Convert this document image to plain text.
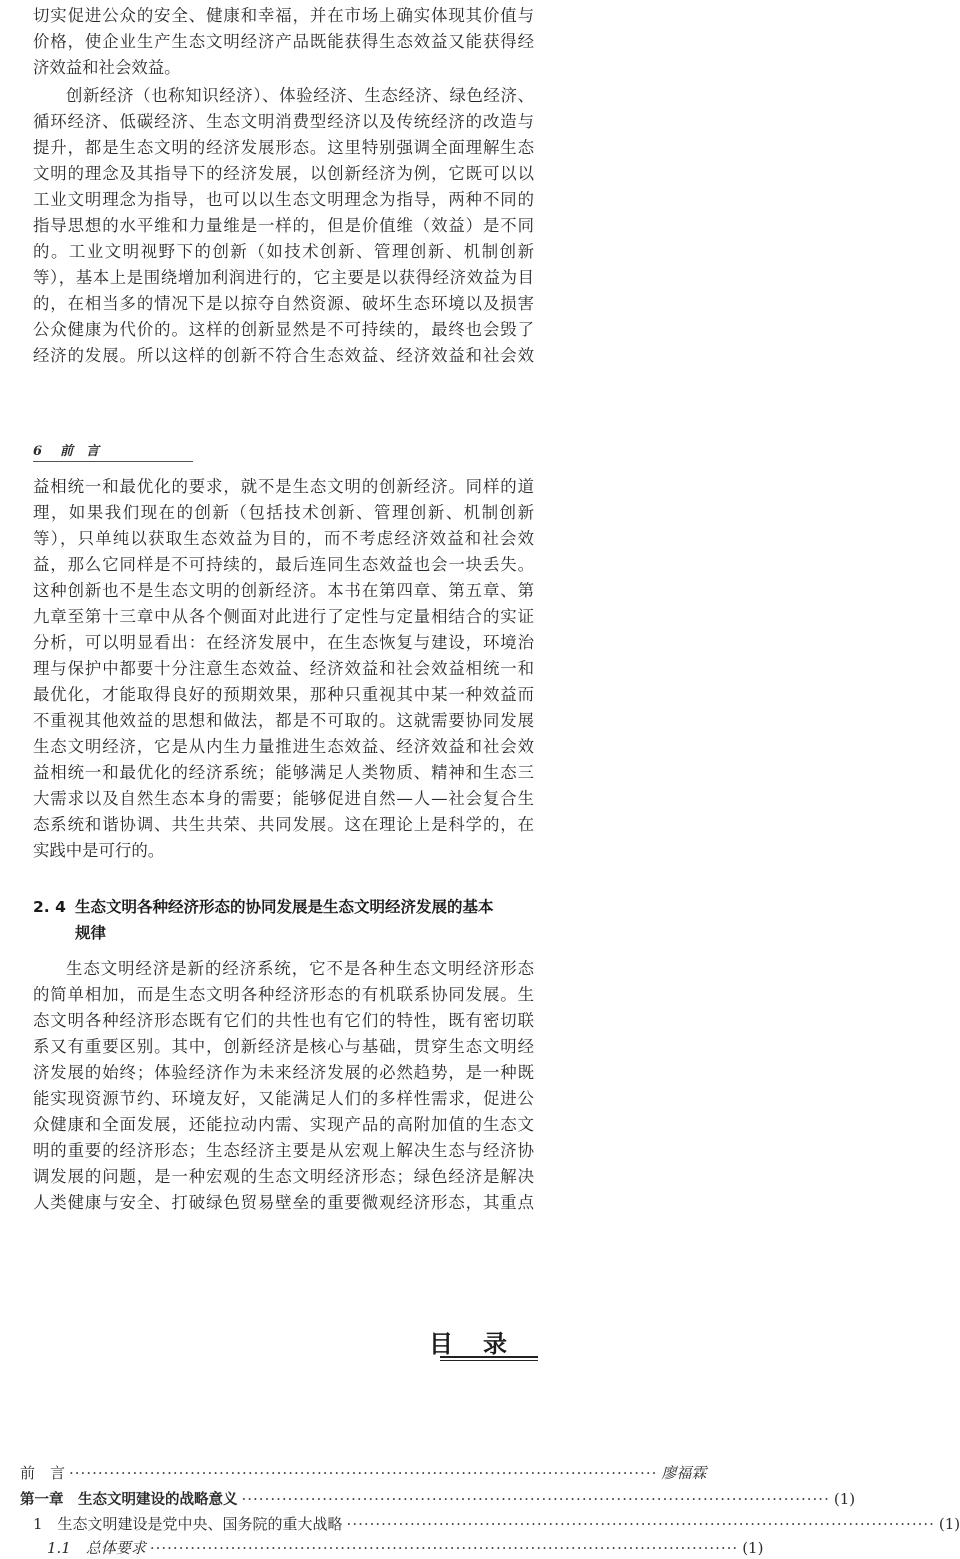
切实促进公众的安全、健康和幸福，并在市场上确实体现其价值与
价格，使企业生产生态文明经济产品既能获得生态效益又能获得经
济效益和社会效益。
创新经济（也称知识经济）、体验经济、生态经济、绿色经济、
循环经济、低碳经济、生态文明消费型经济以及传统经济的改造与
提升，都是生态文明的经济发展形态。这里特别强调全面理解生态
文明的理念及其指导下的经济发展，以创新经济为例，它既可以以
工业文明理念为指导，也可以以生态文明理念为指导，两种不同的
指导思想的水平维和力量维是一样的，但是价值维（效益）是不同
的。工业文明视野下的创新（如技术创新、管理创新、机制创新
等），基本上是围绕增加利润进行的，它主要是以获得经济效益为目
的，在相当多的情况下是以掠夺自然资源、破坏生态环境以及损害
公众健康为代价的。这样的创新显然是不可持续的，最终也会毁了
经济的发展。所以这样的创新不符合生态效益、经济效益和社会效
6 前　言
益相统一和最优化的要求，就不是生态文明的创新经济。同样的道
理，如果我们现在的创新（包括技术创新、管理创新、机制创新
等），只单纯以获取生态效益为目的，而不考虑经济效益和社会效
益，那么它同样是不可持续的，最后连同生态效益也会一块丢失。
这种创新也不是生态文明的创新经济。本书在第四章、第五章、第
九章至第十三章中从各个侧面对此进行了定性与定量相结合的实证
分析，可以明显看出：在经济发展中，在生态恢复与建设，环境治
理与保护中都要十分注意生态效益、经济效益和社会效益相统一和
最优化，才能取得良好的预期效果，那种只重视其中某一种效益而
不重视其他效益的思想和做法，都是不可取的。这就需要协同发展
生态文明经济，它是从内生力量推进生态效益、经济效益和社会效
益相统一和最优化的经济系统；能够满足人类物质、精神和生态三
大需求以及自然生态本身的需要；能够促进自然—人—社会复合生
态系统和谐协调、共生共荣、共同发展。这在理论上是科学的，在
实践中是可行的。
2. 4 生态文明各种经济形态的协同发展是生态文明经济发展的基本
规律
生态文明经济是新的经济系统，它不是各种生态文明经济形态
的简单相加，而是生态文明各种经济形态的有机联系协同发展。生
态文明各种经济形态既有它们的共性也有它们的特性，既有密切联
系又有重要区别。其中，创新经济是核心与基础，贯穿生态文明经
济发展的始终；体验经济作为未来经济发展的必然趋势，是一种既
能实现资源节约、环境友好，又能满足人们的多样性需求，促进公
众健康和全面发展，还能拉动内需、实现产品的高附加值的生态文
明的重要的经济形态；生态经济主要是从宏观上解决生态与经济协
调发展的问题，是一种宏观的生态文明经济形态；绿色经济是解决
人类健康与安全、打破绿色贸易壁垒的重要微观经济形态，其重点
目录
前　言 ······································································································ 廖福霖
第一章　生态文明建设的战略意义 ······································································································ (1)
1　生态文明建设是党中央、国务院的重大战略 ······································································································ (1)
1.1　总体要求 ······································································································ (1)
